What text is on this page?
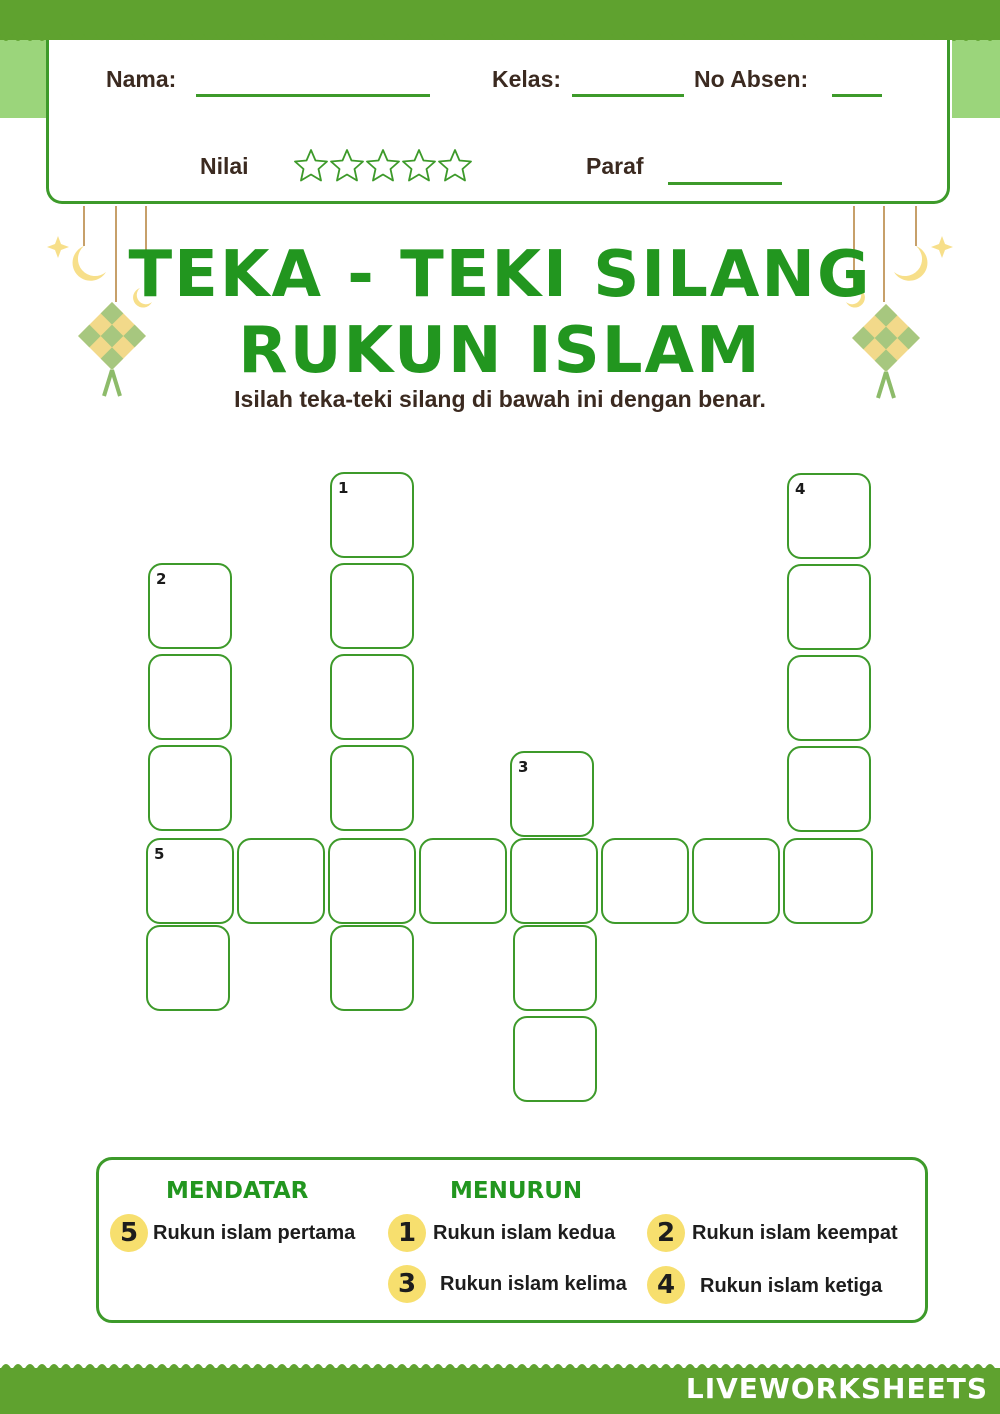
Nama:	Kelas:	No Absen:
Nilai	Paraf
TEKA - TEKI SILANG
RUKUN ISLAM
Isilah teka-teki silang di bawah ini dengan benar.
1
2
3
4
5
MENDATAR	MENURUN
5 Rukun islam pertama	1 Rukun islam kedua	2 Rukun islam keempat
3	Rukun islam kelima	4	Rukun islam ketiga
LIVEWORKSHEETS
